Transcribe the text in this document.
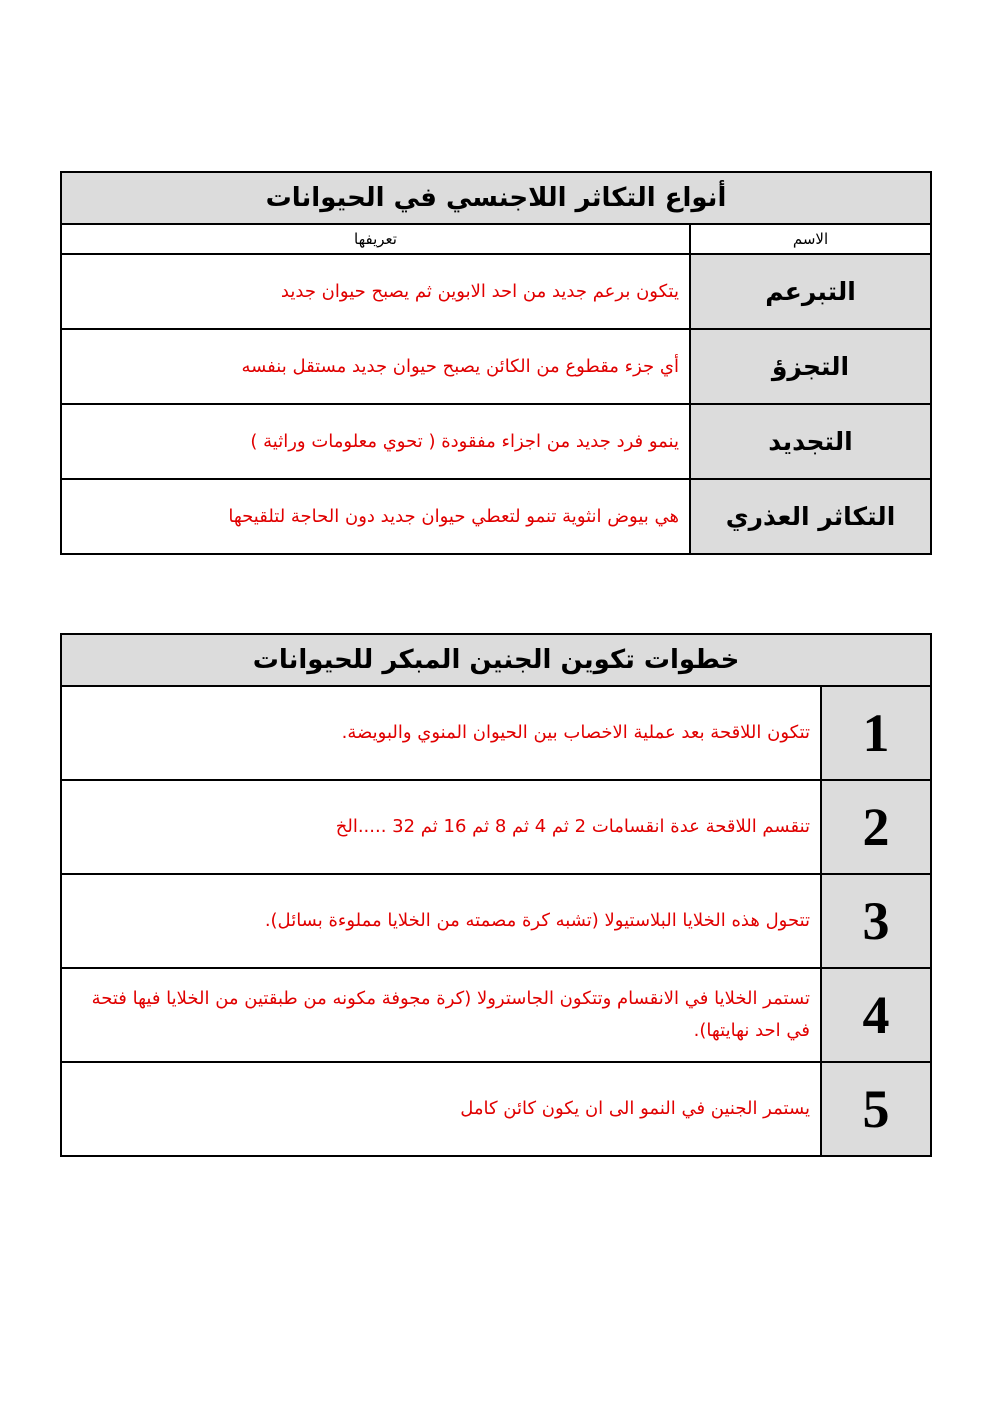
أنواع التكاثر اللاجنسي في الحيوانات	
الاسم	تعريفها
التبرعم	يتكون برعم جديد من احد الابوين ثم يصبح حيوان جديد
التجزؤ	أي جزء مقطوع من الكائن يصبح حيوان جديد مستقل بنفسه
التجديد	ينمو فرد جديد من اجزاء مفقودة ( تحوي معلومات وراثية )
التكاثر العذري	هي بيوض انثوية تنمو لتعطي حيوان جديد دون الحاجة لتلقيحها
خطوات تكوين الجنين المبكر للحيوانات	
1	تتكون اللاقحة بعد عملية الاخصاب بين الحيوان المنوي والبويضة.
2	تنقسم اللاقحة عدة انقسامات 2 ثم 4 ثم 8 ثم 16 ثم 32 .....الخ
3	تتحول هذه الخلايا البلاستيولا (تشبه كرة مصمته من الخلايا مملوءة بسائل).
4	تستمر الخلايا في الانقسام وتتكون الجاسترولا (كرة مجوفة مكونه من طبقتين من الخلايا فيها فتحة في احد نهايتها).
5	يستمر الجنين في النمو الى ان يكون كائن كامل
